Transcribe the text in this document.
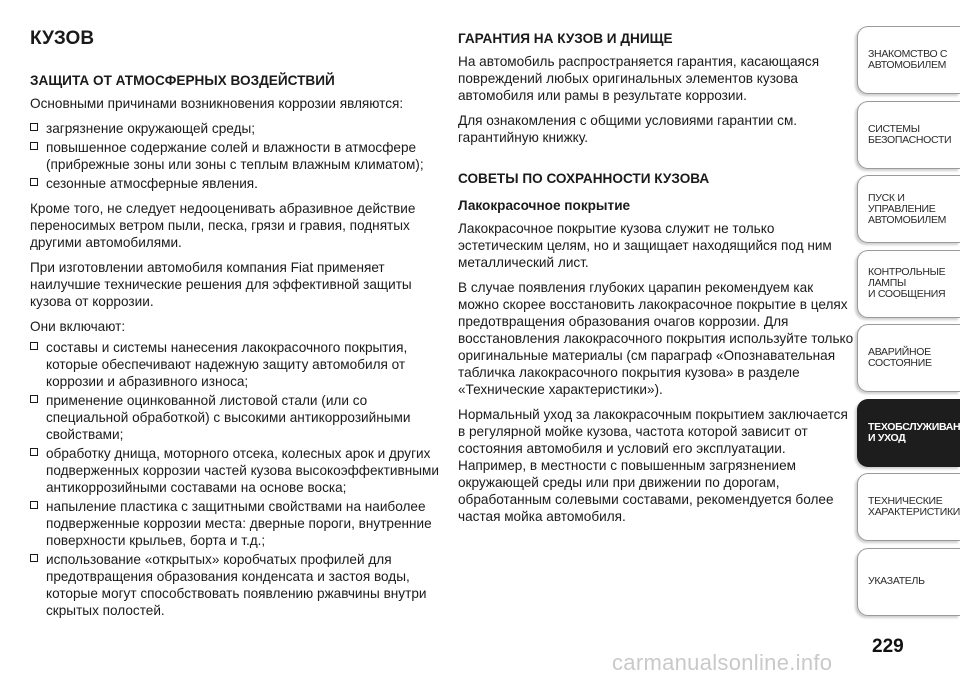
КУЗОВ
ЗАЩИТА ОТ АТМОСФЕРНЫХ ВОЗДЕЙСТВИЙ

Основными причинами возникновения коррозии являются:

загрязнение окружающей среды;
повышенное содержание солей и влажности в атмосфере (прибрежные зоны или зоны с теплым влажным климатом);
сезонные атмосферные явления.

Кроме того, не следует недооценивать абразивное действие переносимых ветром пыли, песка, грязи и гравия, поднятых другими автомобилями.

При изготовлении автомобиля компания Fiat применяет наилучшие технические решения для эффективной защиты кузова от коррозии.

Они включают:

составы и системы нанесения лакокрасочного покрытия, которые обеспечивают надежную защиту автомобиля от коррозии и абразивного износа;
применение оцинкованной листовой стали (или со специальной обработкой) с высокими антикоррозийными свойствами;
обработку днища, моторного отсека, колесных арок и других подверженных коррозии частей кузова высокоэффективными антикоррозийными составами на основе воска;
напыление пластика с защитными свойствами на наиболее подверженные коррозии места: дверные пороги, внутренние поверхности крыльев, борта и т.д.;
использование «открытых» коробчатых профилей для предотвращения образования конденсата и застоя воды, которые могут способствовать появлению ржавчины внутри скрытых полостей.
ГАРАНТИЯ НА КУЗОВ И ДНИЩЕ

На автомобиль распространяется гарантия, касающаяся повреждений любых оригинальных элементов кузова автомобиля или рамы в результате коррозии.

Для ознакомления с общими условиями гарантии см. гарантийную книжку.

СОВЕТЫ ПО СОХРАННОСТИ КУЗОВА
Лакокрасочное покрытие

Лакокрасочное покрытие кузова служит не только эстетическим целям, но и защищает находящийся под ним металлический лист.

В случае появления глубоких царапин рекомендуем как можно скорее восстановить лакокрасочное покрытие в целях предотвращения образования очагов коррозии. Для восстановления лакокрасочного покрытия используйте только оригинальные материалы (см параграф «Опознавательная табличка лакокрасочного покрытия кузова» в разделе «Технические характеристики»).

Нормальный уход за лакокрасочным покрытием заключается в регулярной мойке кузова, частота которой зависит от состояния автомобиля и условий его эксплуатации. Например, в местности с повышенным загрязнением окружающей среды или при движении по дорогам, обработанным солевыми составами, рекомендуется более частая мойка автомобиля.

ЗНАКОМСТВО С
АВТОМОБИЛЕМ
СИСТЕМЫ
БЕЗОПАСНОСТИ
ПУСК И УПРАВЛЕНИЕ
АВТОМОБИЛЕМ
КОНТРОЛЬНЫЕ
ЛАМПЫ
И СООБЩЕНИЯ
АВАРИЙНОЕ
СОСТОЯНИЕ
ТЕХОБСЛУЖИВАНИЕ
И УХОД
ТЕХНИЧЕСКИЕ
ХАРАКТЕРИСТИКИ
УКАЗАТЕЛЬ
229
carmanualsonline.info
